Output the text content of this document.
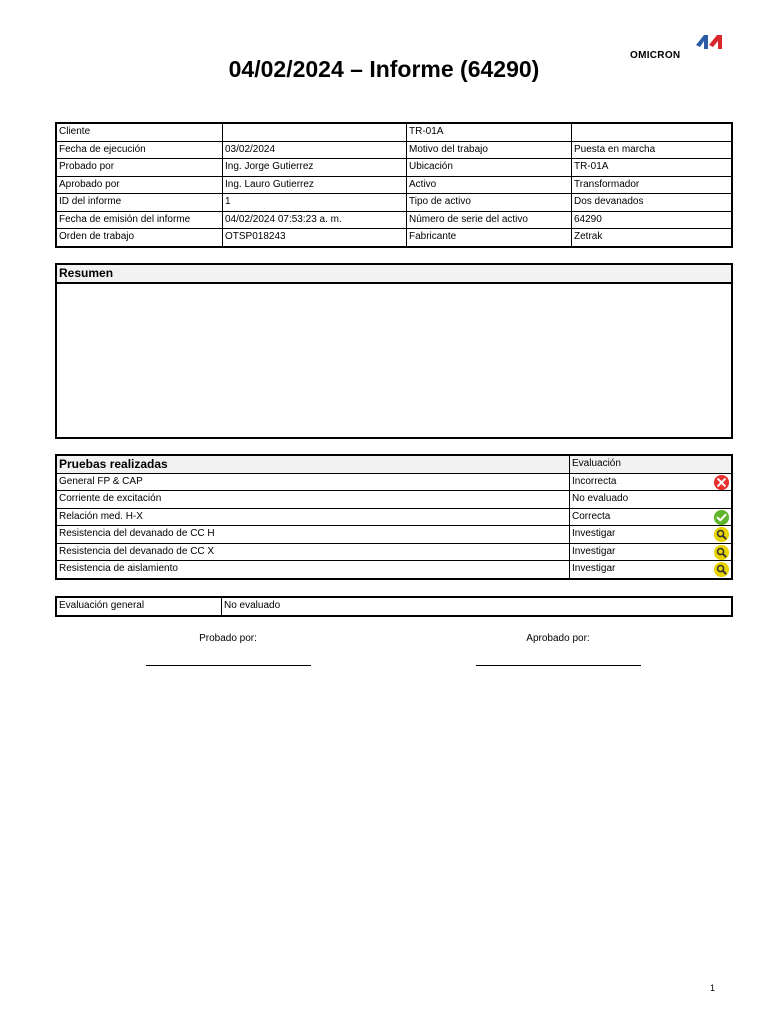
OMICRON
04/02/2024 – Informe (64290)
Cliente		TR-01A	
Fecha de ejecución	03/02/2024	Motivo del trabajo	Puesta en marcha
Probado por	Ing. Jorge Gutierrez	Ubicación	TR-01A
Aprobado por	Ing. Lauro Gutierrez	Activo	Transformador
ID del informe	1	Tipo de activo	Dos devanados
Fecha de emisión del informe	04/02/2024 07:53:23 a. m.	Número de serie del activo	64290
Orden de trabajo	OTSP018243	Fabricante	Zetrak
Resumen
Pruebas realizadas	Evaluación
General FP & CAP	Incorrecta

Corriente de excitación	No evaluado
Relación med. H-X	Correcta

Resistencia del devanado de CC H	Investigar

Resistencia del devanado de CC X	Investigar

Resistencia de aislamiento	Investigar
Evaluación general	No evaluado
Probado por:	Aprobado por:
1
